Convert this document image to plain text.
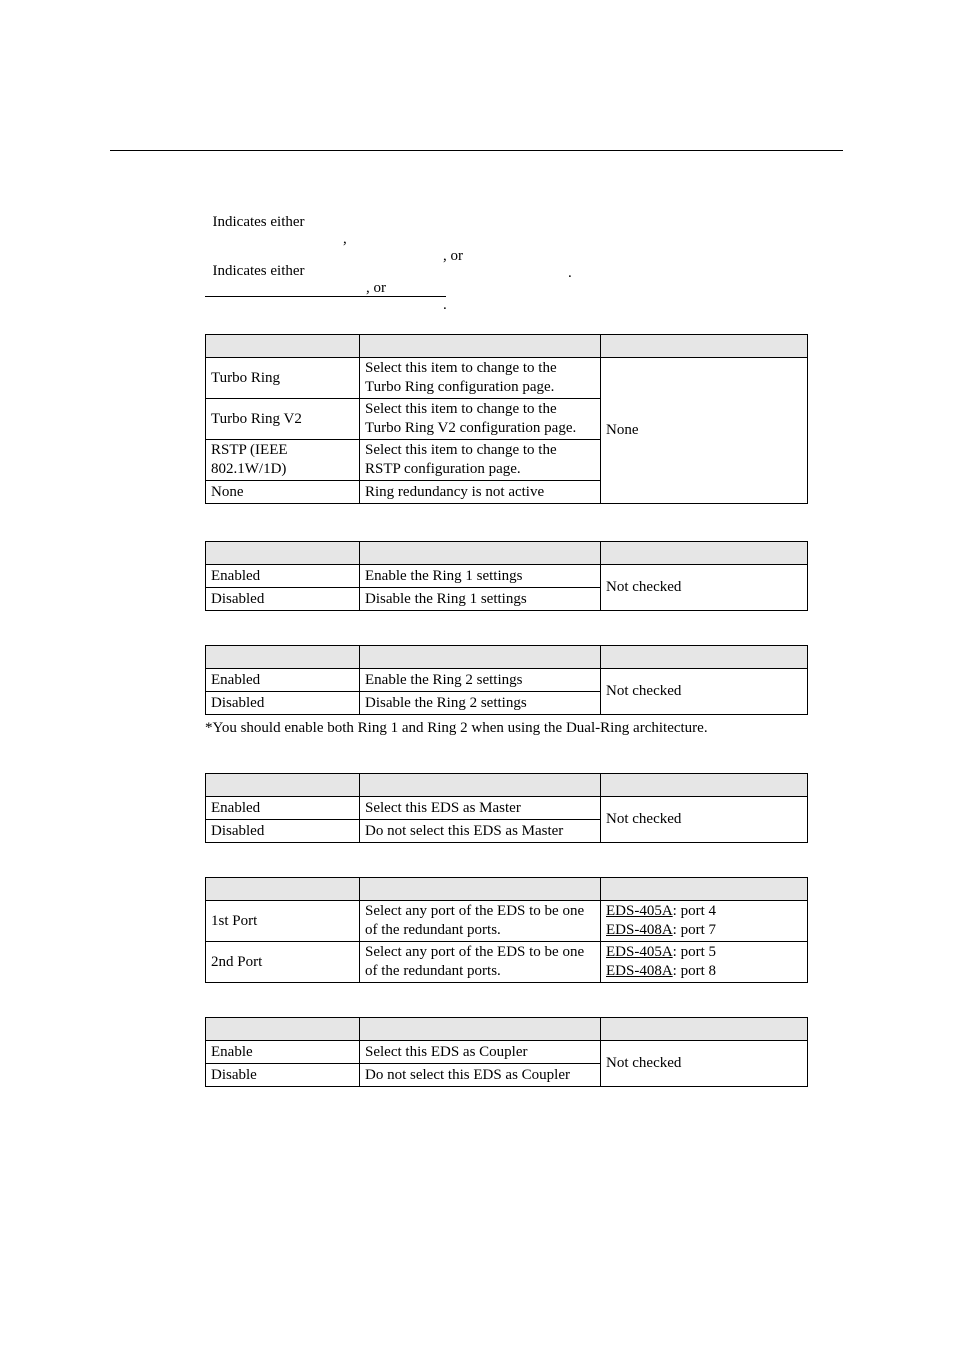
Indicates either

,

, or

.

Indicates either

, or

.

Turbo Ring	Select this item to change to the Turbo Ring configuration page.	None
Turbo Ring V2	Select this item to change to the Turbo Ring V2 configuration page.	
RSTP (IEEE 802.1W/1D)	Select this item to change to the RSTP configuration page.	
None	Ring redundancy is not active	

Enabled	Enable the Ring 1 settings	Not checked
Disabled	Disable the Ring 1 settings	

Enabled	Enable the Ring 2 settings	Not checked
Disabled	Disable the Ring 2 settings	
*You should enable both Ring 1 and Ring 2 when using the Dual-Ring architecture.

Enabled	Select this EDS as Master	Not checked
Disabled	Do not select this EDS as Master	

1st Port	Select any port of the EDS to be one of the redundant ports.	EDS-405A: port 4
EDS-408A: port 7

2nd Port	Select any port of the EDS to be one of the redundant ports.	EDS-405A: port 5
EDS-408A: port 8

Enable	Select this EDS as Coupler	Not checked
Disable	Do not select this EDS as Coupler	
